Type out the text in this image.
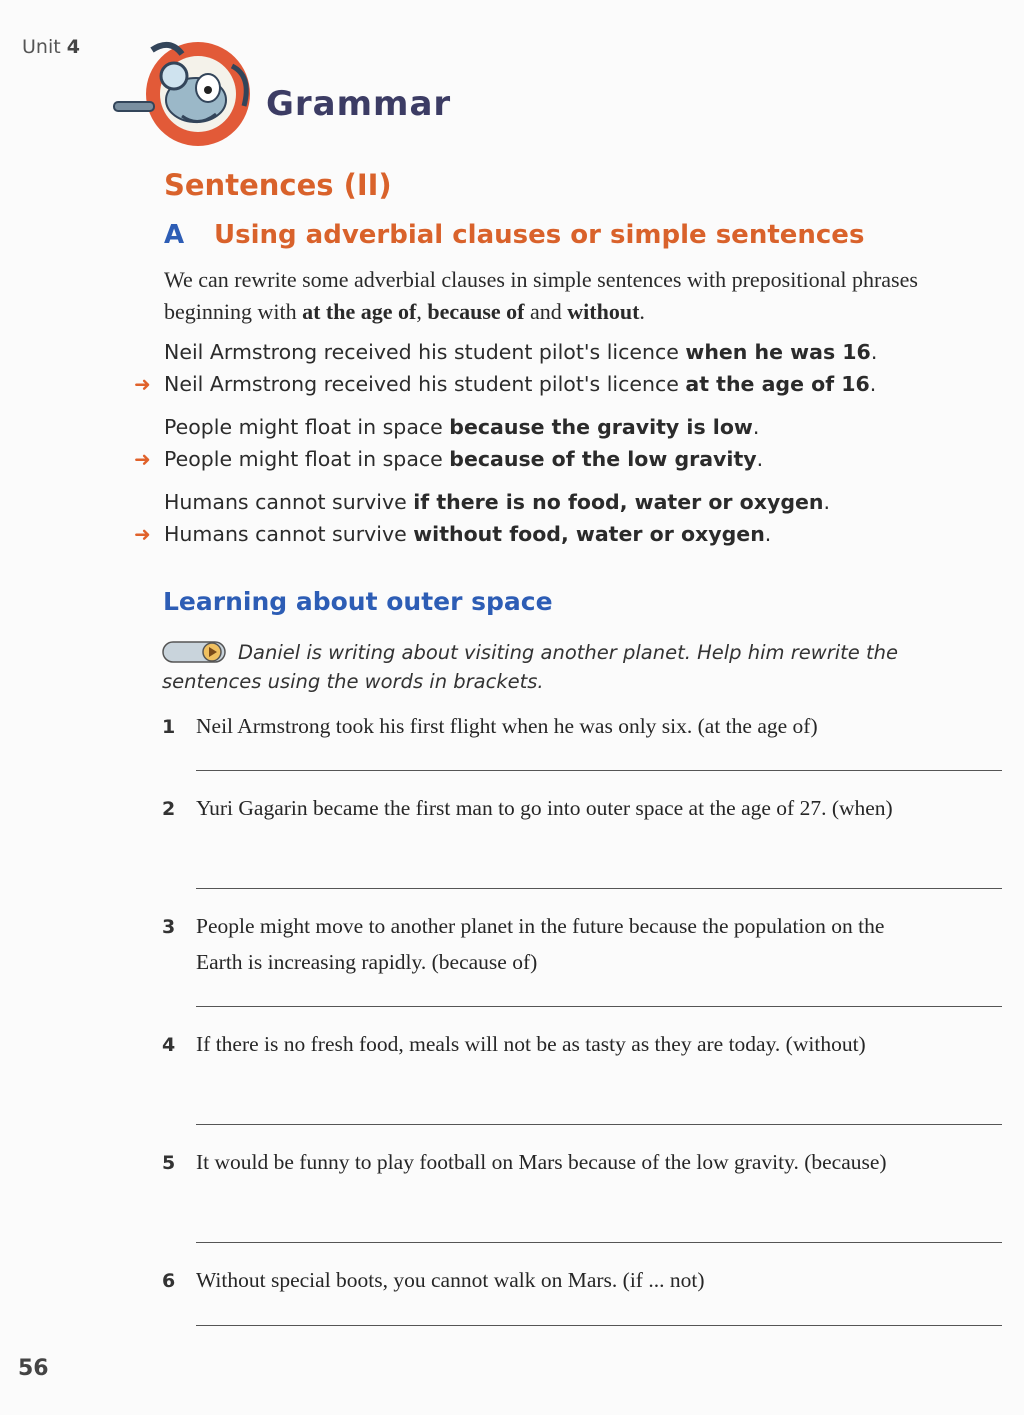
Unit 4
Grammar
Sentences (II)
A Using adverbial clauses or simple sentences
We can rewrite some adverbial clauses in simple sentences with prepositional phrases beginning with at the age of, because of and without.
Neil Armstrong received his student pilot's licence when he was 16.
➜ Neil Armstrong received his student pilot's licence at the age of 16.
People might float in space because the gravity is low.
➜ People might float in space because of the low gravity.
Humans cannot survive if there is no food, water or oxygen.
➜ Humans cannot survive without food, water or oxygen.
Learning about outer space
Daniel is writing about visiting another planet. Help him rewrite the sentences using the words in brackets.
1 Neil Armstrong took his first flight when he was only six. (at the age of)
2 Yuri Gagarin became the first man to go into outer space at the age of 27. (when)
3 People might move to another planet in the future because the population on the Earth is increasing rapidly. (because of)
4 If there is no fresh food, meals will not be as tasty as they are today. (without)
5 It would be funny to play football on Mars because of the low gravity. (because)
6 Without special boots, you cannot walk on Mars. (if ... not)
56
